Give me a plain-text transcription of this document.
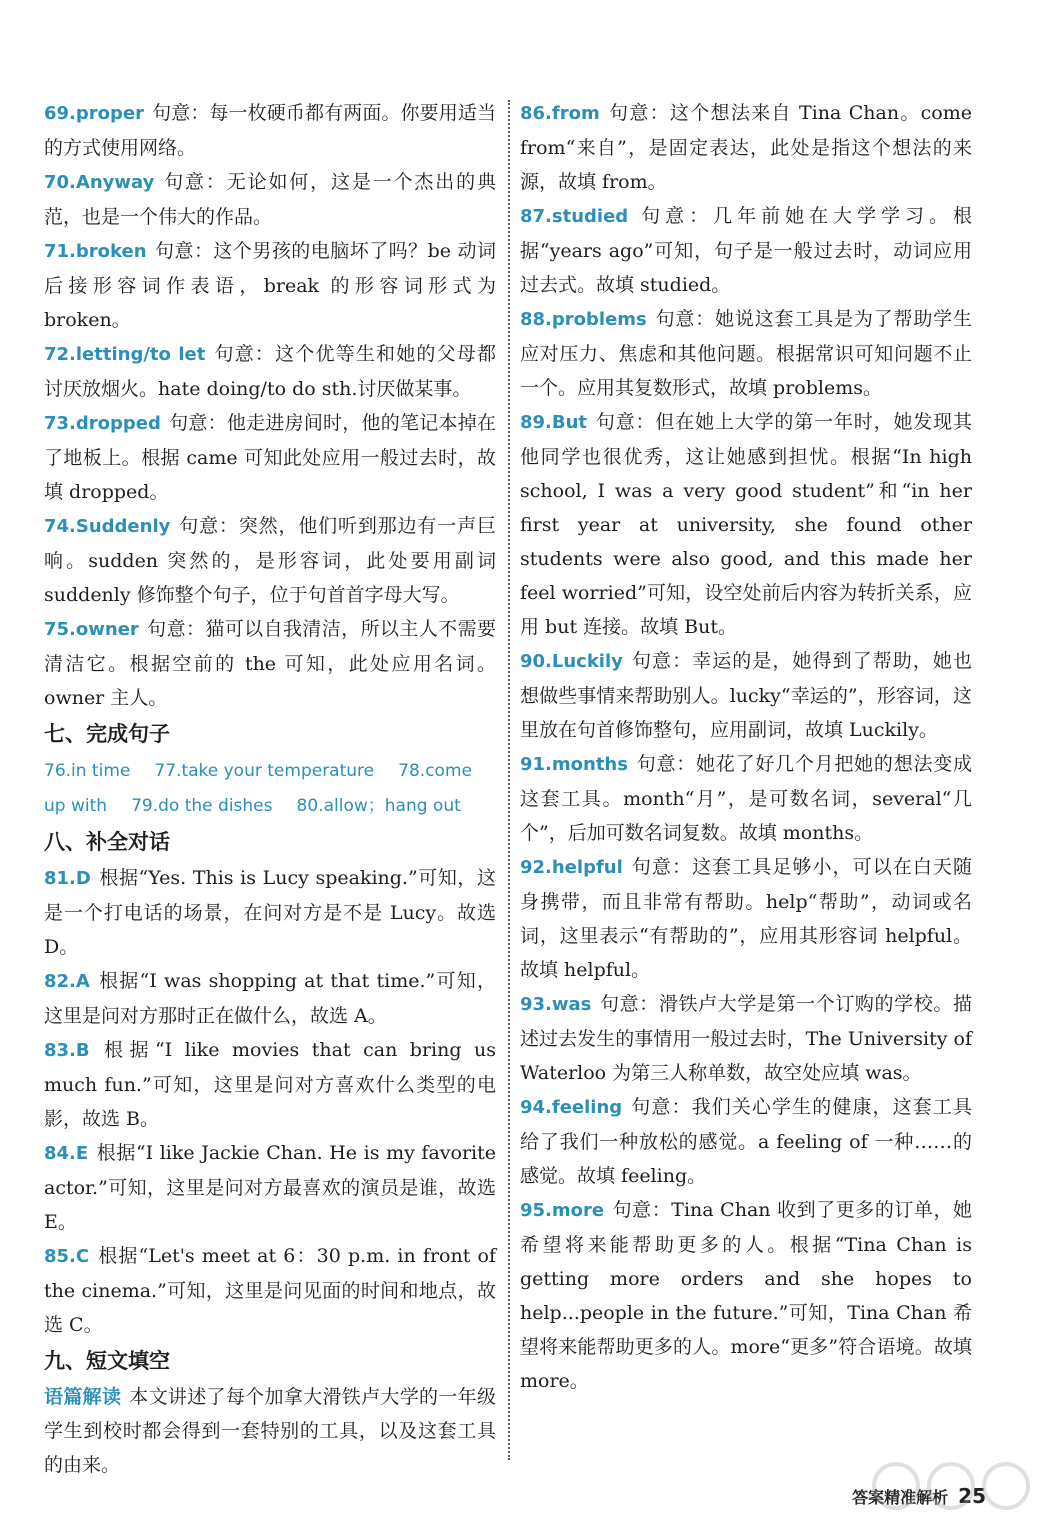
69.proper 句意：每一枚硬币都有两面。你要用适当的方式使用网络。

70.Anyway 句意：无论如何，这是一个杰出的典范，也是一个伟大的作品。

71.broken 句意：这个男孩的电脑坏了吗？be 动词后接形容词作表语，break 的形容词形式为 broken。

72.letting/to let 句意：这个优等生和她的父母都讨厌放烟火。hate doing/to do sth.讨厌做某事。

73.dropped 句意：他走进房间时，他的笔记本掉在了地板上。根据 came 可知此处应用一般过去时，故填 dropped。

74.Suddenly 句意：突然，他们听到那边有一声巨响。sudden 突然的，是形容词，此处要用副词 suddenly 修饰整个句子，位于句首首字母大写。

75.owner 句意：猫可以自我清洁，所以主人不需要清洁它。根据空前的 the 可知，此处应用名词。owner 主人。

七、完成句子

76.in time 77.take your temperature 78.come up with 79.do the dishes 80.allow；hang out

八、补全对话

81.D 根据“Yes. This is Lucy speaking.”可知，这是一个打电话的场景，在问对方是不是 Lucy。故选 D。

82.A 根据“I was shopping at that time.”可知，这里是问对方那时正在做什么，故选 A。

83.B 根据“I like movies that can bring us much fun.”可知，这里是问对方喜欢什么类型的电影，故选 B。

84.E 根据“I like Jackie Chan. He is my favorite actor.”可知，这里是问对方最喜欢的演员是谁，故选 E。

85.C 根据“Let's meet at 6：30 p.m. in front of the cinema.”可知，这里是问见面的时间和地点，故选 C。

九、短文填空

语篇解读 本文讲述了每个加拿大滑铁卢大学的一年级学生到校时都会得到一套特别的工具，以及这套工具的由来。

86.from 句意：这个想法来自 Tina Chan。come from“来自”，是固定表达，此处是指这个想法的来源，故填 from。

87.studied 句意：几年前她在大学学习。根据“years ago”可知，句子是一般过去时，动词应用过去式。故填 studied。

88.problems 句意：她说这套工具是为了帮助学生应对压力、焦虑和其他问题。根据常识可知问题不止一个。应用其复数形式，故填 problems。

89.But 句意：但在她上大学的第一年时，她发现其他同学也很优秀，这让她感到担忧。根据“In high school, I was a very good student”和“in her first year at university, she found other students were also good, and this made her feel worried”可知，设空处前后内容为转折关系，应用 but 连接。故填 But。

90.Luckily 句意：幸运的是，她得到了帮助，她也想做些事情来帮助别人。lucky“幸运的”，形容词，这里放在句首修饰整句，应用副词，故填 Luckily。

91.months 句意：她花了好几个月把她的想法变成这套工具。month“月”，是可数名词，several“几个”，后加可数名词复数。故填 months。

92.helpful 句意：这套工具足够小，可以在白天随身携带，而且非常有帮助。help“帮助”，动词或名词，这里表示“有帮助的”，应用其形容词 helpful。故填 helpful。

93.was 句意：滑铁卢大学是第一个订购的学校。描述过去发生的事情用一般过去时，The University of Waterloo 为第三人称单数，故空处应填 was。

94.feeling 句意：我们关心学生的健康，这套工具给了我们一种放松的感觉。a feeling of 一种……的感觉。故填 feeling。

95.more 句意：Tina Chan 收到了更多的订单，她希望将来能帮助更多的人。根据“Tina Chan is getting more orders and she hopes to help...people in the future.”可知，Tina Chan 希望将来能帮助更多的人。more“更多”符合语境。故填 more。

答案精准解析 25
